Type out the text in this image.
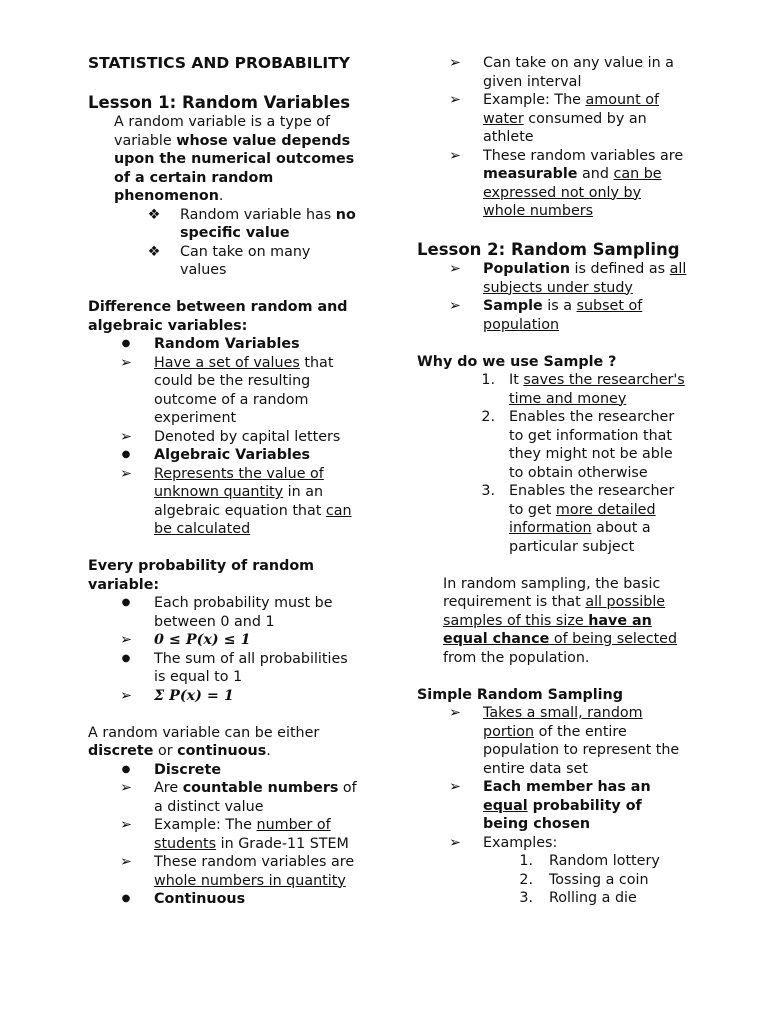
STATISTICS AND PROBABILITY
Lesson 1: Random Variables
A random variable is a type of variable whose value depends upon the numerical outcomes of a certain random phenomenon.
❖ Random variable has no specific value
❖ Can take on many values
Difference between random and algebraic variables:
● Random Variables
➢ Have a set of values that could be the resulting outcome of a random experiment
➢ Denoted by capital letters
● Algebraic Variables
➢ Represents the value of unknown quantity in an algebraic equation that can be calculated
Every probability of random variable:
● Each probability must be between 0 and 1
➢ 0 ≤ P(x) ≤ 1
● The sum of all probabilities is equal to 1
➢ Σ P(x) = 1
A random variable can be either discrete or continuous.
● Discrete
➢ Are countable numbers of a distinct value
➢ Example: The number of students in Grade-11 STEM
➢ These random variables are whole numbers in quantity
● Continuous
➢ Can take on any value in a given interval
➢ Example: The amount of water consumed by an athlete
➢ These random variables are measurable and can be expressed not only by whole numbers
Lesson 2: Random Sampling
➢ Population is defined as all subjects under study
➢ Sample is a subset of population
Why do we use Sample ?
1. It saves the researcher's time and money
2. Enables the researcher to get information that they might not be able to obtain otherwise
3. Enables the researcher to get more detailed information about a particular subject
In random sampling, the basic requirement is that all possible samples of this size have an equal chance of being selected from the population.
Simple Random Sampling
➢ Takes a small, random portion of the entire population to represent the entire data set
➢ Each member has an equal probability of being chosen
➢ Examples:
1. Random lottery
2. Tossing a coin
3. Rolling a die
